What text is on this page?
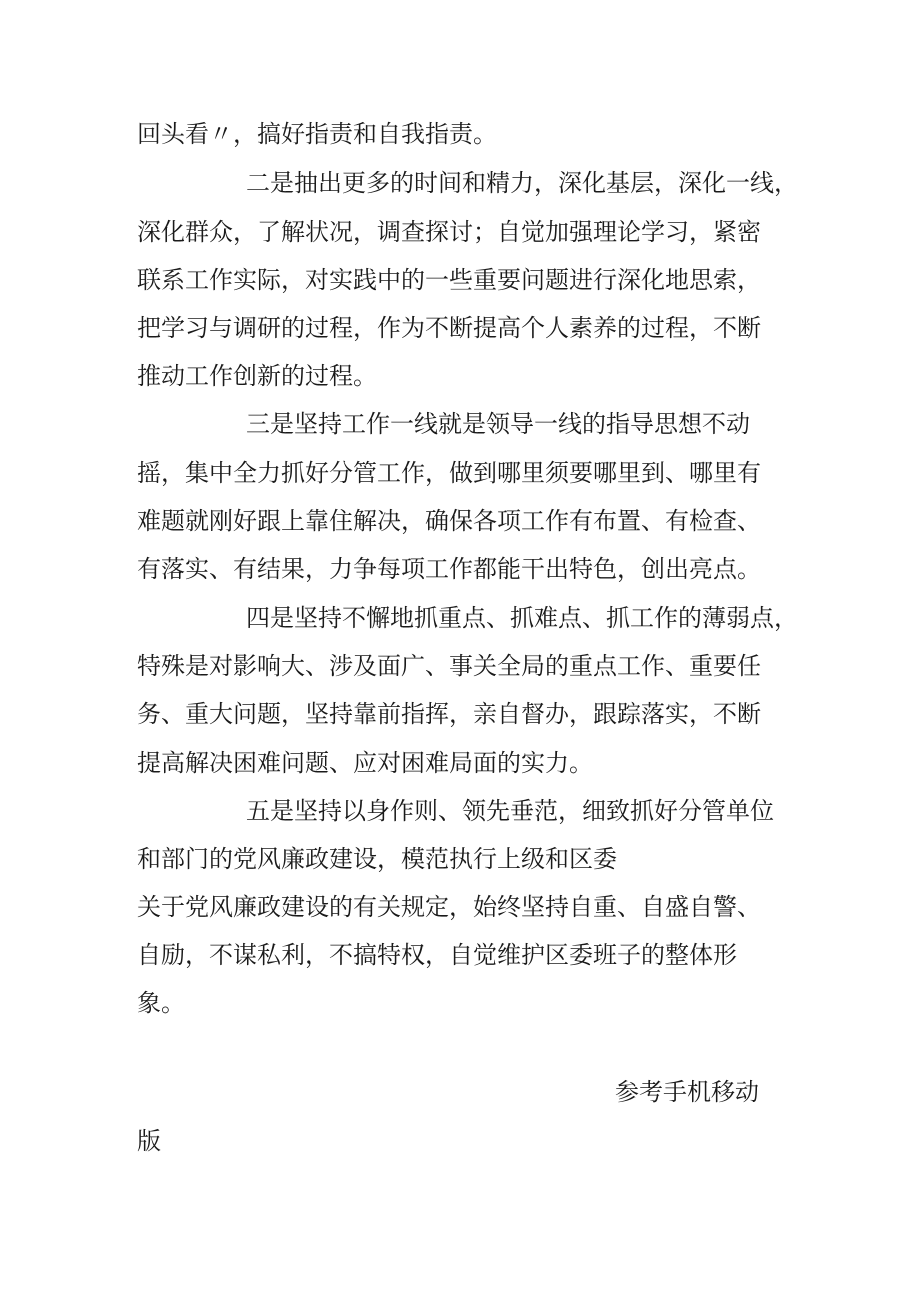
回头看〃，搞好指责和自我指责。
二是抽出更多的时间和精力，深化基层，深化一线，
深化群众，了解状况，调查探讨；自觉加强理论学习，紧密
联系工作实际，对实践中的一些重要问题进行深化地思索，
把学习与调研的过程，作为不断提高个人素养的过程，不断
推动工作创新的过程。
三是坚持工作一线就是领导一线的指导思想不动
摇，集中全力抓好分管工作，做到哪里须要哪里到、哪里有
难题就刚好跟上靠住解决，确保各项工作有布置、有检查、
有落实、有结果，力争每项工作都能干出特色，创出亮点。
四是坚持不懈地抓重点、抓难点、抓工作的薄弱点，
特殊是对影响大、涉及面广、事关全局的重点工作、重要任
务、重大问题，坚持靠前指挥，亲自督办，跟踪落实，不断
提高解决困难问题、应对困难局面的实力。
五是坚持以身作则、领先垂范，细致抓好分管单位
和部门的党风廉政建设，模范执行上级和区委
关于党风廉政建设的有关规定，始终坚持自重、自盛自警、
自励，不谋私利，不搞特权，自觉维护区委班子的整体形
象。
参考手机移动
版
